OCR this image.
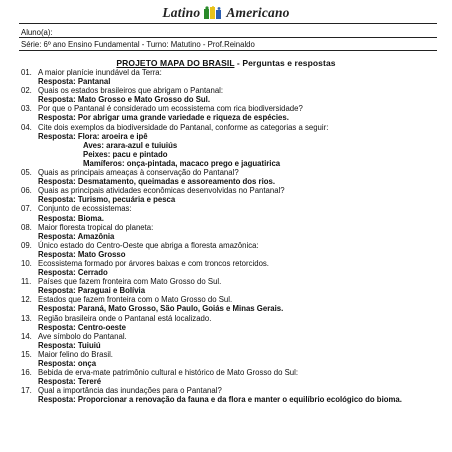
Latino Americano
Aluno(a):
Série: 6º ano Ensino Fundamental - Turno: Matutino - Prof.Reinaldo
PROJETO MAPA DO BRASIL - Perguntas e respostas
01. A maior planície inundável da Terra:
Resposta: Pantanal
02. Quais os estados brasileiros que abrigam o Pantanal:
Resposta: Mato Grosso e Mato Grosso do Sul.
03. Por que o Pantanal é considerado um ecossistema com rica biodiversidade?
Resposta: Por abrigar uma grande variedade e riqueza de espécies.
04. Cite dois exemplos da biodiversidade do Pantanal, conforme as categorias a seguir:
Resposta: Flora: aroeira e ipê
Aves: arara-azul e tuiuiús
Peixes: pacu e pintado
Mamíferos: onça-pintada, macaco prego e jaguatirica
05. Quais as principais ameaças à conservação do Pantanal?
Resposta: Desmatamento, queimadas e assoreamento dos rios.
06. Quais as principais atividades econômicas desenvolvidas no Pantanal?
Resposta: Turismo, pecuária e pesca
07. Conjunto de ecossistemas:
Resposta: Bioma.
08. Maior floresta tropical do planeta:
Resposta: Amazônia
09. Único estado do Centro-Oeste que abriga a floresta amazônica:
Resposta: Mato Grosso
10. Ecossistema formado por árvores baixas e com troncos retorcidos.
Resposta: Cerrado
11. Países que fazem fronteira com Mato Grosso do Sul.
Resposta: Paraguai e Bolívia
12. Estados que fazem fronteira com o Mato Grosso do Sul.
Resposta: Paraná, Mato Grosso, São Paulo, Goiás e Minas Gerais.
13. Região brasileira onde o Pantanal está localizado.
Resposta: Centro-oeste
14. Ave símbolo do Pantanal.
Resposta: Tuiuiú
15. Maior felino do Brasil.
Resposta: onça
16. Bebida de erva-mate patrimônio cultural e histórico de Mato Grosso do Sul:
Resposta: Tereré
17. Qual a importância das inundações para o Pantanal?
Resposta: Proporcionar a renovação da fauna e da flora e manter o equilíbrio ecológico do bioma.
